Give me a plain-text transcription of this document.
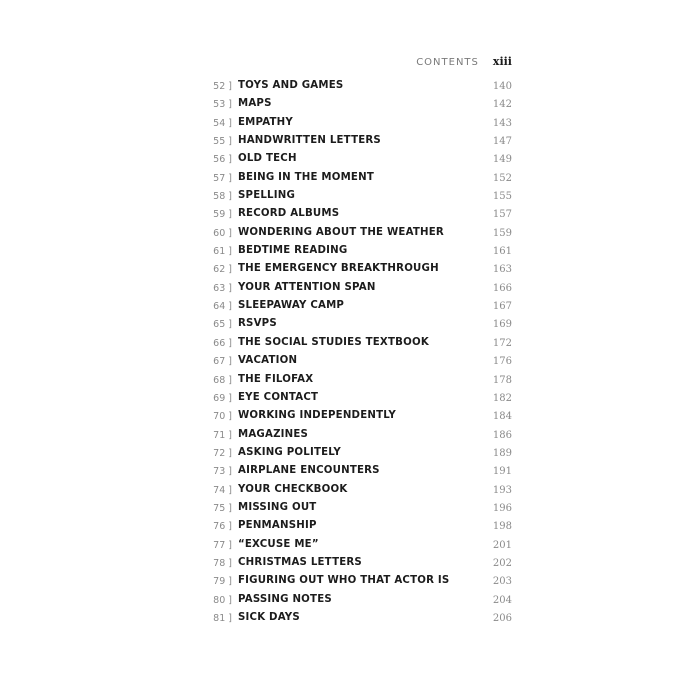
CONTENTS xiii
52 ] TOYS AND GAMES	140
53 ] MAPS	142
54 ] EMPATHY	143
55 ] HANDWRITTEN LETTERS	147
56 ] OLD TECH	149
57 ] BEING IN THE MOMENT	152
58 ] SPELLING	155
59 ] RECORD ALBUMS	157
60 ] WONDERING ABOUT THE WEATHER	159
61 ] BEDTIME READING	161
62 ] THE EMERGENCY BREAKTHROUGH	163
63 ] YOUR ATTENTION SPAN	166
64 ] SLEEPAWAY CAMP	167
65 ] RSVPS	169
66 ] THE SOCIAL STUDIES TEXTBOOK	172
67 ] VACATION	176
68 ] THE FILOFAX	178
69 ] EYE CONTACT	182
70 ] WORKING INDEPENDENTLY	184
71 ] MAGAZINES	186
72 ] ASKING POLITELY	189
73 ] AIRPLANE ENCOUNTERS	191
74 ] YOUR CHECKBOOK	193
75 ] MISSING OUT	196
76 ] PENMANSHIP	198
77 ] “EXCUSE ME”	201
78 ] CHRISTMAS LETTERS	202
79 ] FIGURING OUT WHO THAT ACTOR IS	203
80 ] PASSING NOTES	204
81 ] SICK DAYS	206
